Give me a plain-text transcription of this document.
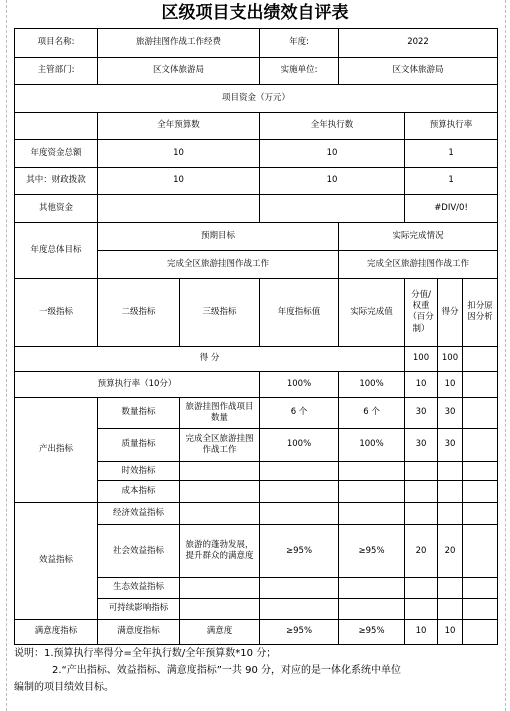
区级项目支出绩效自评表
项目名称:	旅游挂图作战工作经费		年度:	2022			
主管部门:	区文体旅游局		实施单位:	区文体旅游局			
项目资金（万元）							
	全年预算数		全年执行数		预算执行率		
年度资金总额	10		10		1		
其中：财政拨款	10		10		1		
其他资金					#DIV/0!		
年度总体目标	预期目标			实际完成情况			
	完成全区旅游挂图作战工作			完成全区旅游挂图作战工作			
一级指标	二级指标	三级指标	年度指标值	实际完成值	分值/权重（百分制）	得分	扣分原因分析
得 分					100	100	
预算执行率（10分）			100%	100%	10	10	
产出指标	数量指标	旅游挂图作战项目数量	6 个	6 个	30	30	
	质量指标	完成全区旅游挂图作战工作	100%	100%	30	30	
	时效指标						
	成本指标						
效益指标	经济效益指标						
	社会效益指标	旅游的蓬勃发展，提升群众的满意度	≥95%	≥95%	20	20	
	生态效益指标						
	可持续影响指标						
满意度指标	满意度指标	满意度	≥95%	≥95%	10	10	
说明：1.预算执行率得分=全年执行数/全年预算数*10 分；
2.“产出指标、效益指标、满意度指标”一共 90 分，对应的是一体化系统中单位
编制的项目绩效目标。
